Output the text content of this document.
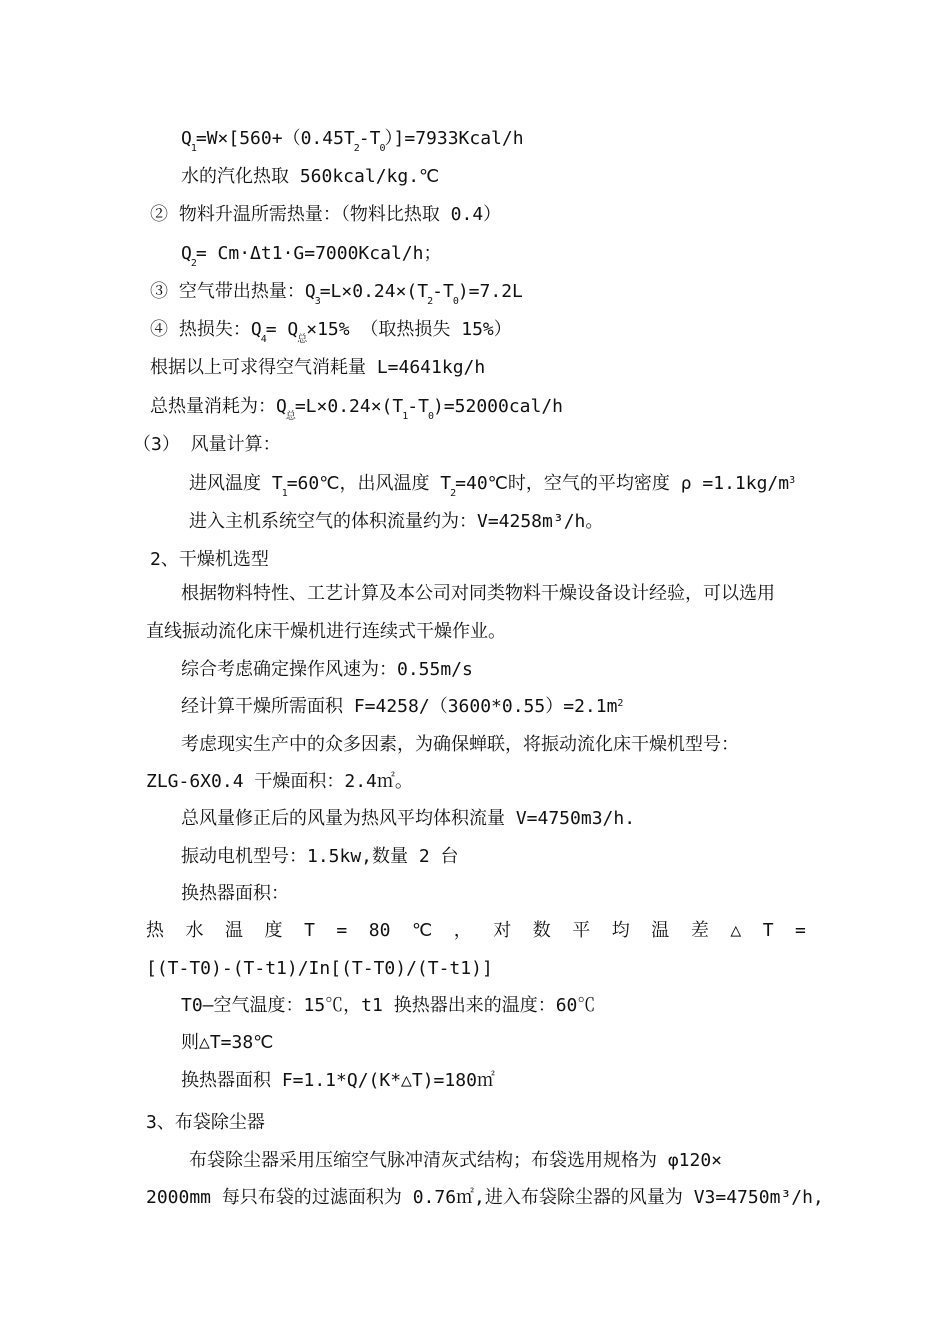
$Q_1=W\times[560+(0.45T_2-T_0)]=7933Kcal/h$
水的汽化热取 560kcal/kg.℃
② 物料升温所需热量：（物料比热取 0.4）
$Q_2=$ Cm·Δt1·G=7000Kcal/h；
③ 空气带出热量：$Q_3=L\times 0.24\times(T_2-T_0)=7.2L$
④ 热损失：$Q_4= Q_总\times 15\%$ （取热损失 15%）
根据以上可求得空气消耗量 L=4641kg/h
总热量消耗为：$Q_总=L\times 0.24\times(T_1-T_0)=52000cal/h$
（3） 风量计算：
进风温度 $T_1=60℃$，出风温度 $T_2=40℃$时，空气的平均密度 $\rho =1.1kg/m^3$
进入主机系统空气的体积流量约为：V=4258m³/h。
2、干燥机选型
根据物料特性、工艺计算及本公司对同类物料干燥设备设计经验，可以选用
直线振动流化床干燥机进行连续式干燥作业。
综合考虑确定操作风速为：0.55m/s
经计算干燥所需面积 $F=4258/(3600*0.55)=2.1m^2$
考虑现实生产中的众多因素，为确保蝉联，将振动流化床干燥机型号：
ZLG-6X0.4 干燥面积：2.4㎡。
总风量修正后的风量为热风平均体积流量 V=4750m3/h.
振动电机型号：1.5kw,数量 2 台
换热器面积：
热 水 温 度 T = 80 ℃ ， 对 数 平 均 温 差 △ T =
[(T-T0)-(T-t1)/In[(T-T0)/(T-t1)]
T0—空气温度：15℃，t1 换热器出来的温度：60℃
则△T=38℃
换热器面积 F=1.1*Q/(K*△T)=180㎡
3、布袋除尘器
布袋除尘器采用压缩空气脉冲清灰式结构；布袋选用规格为 φ120×
2000mm 每只布袋的过滤面积为 0.76㎡,进入布袋除尘器的风量为 V3=4750m³/h,
